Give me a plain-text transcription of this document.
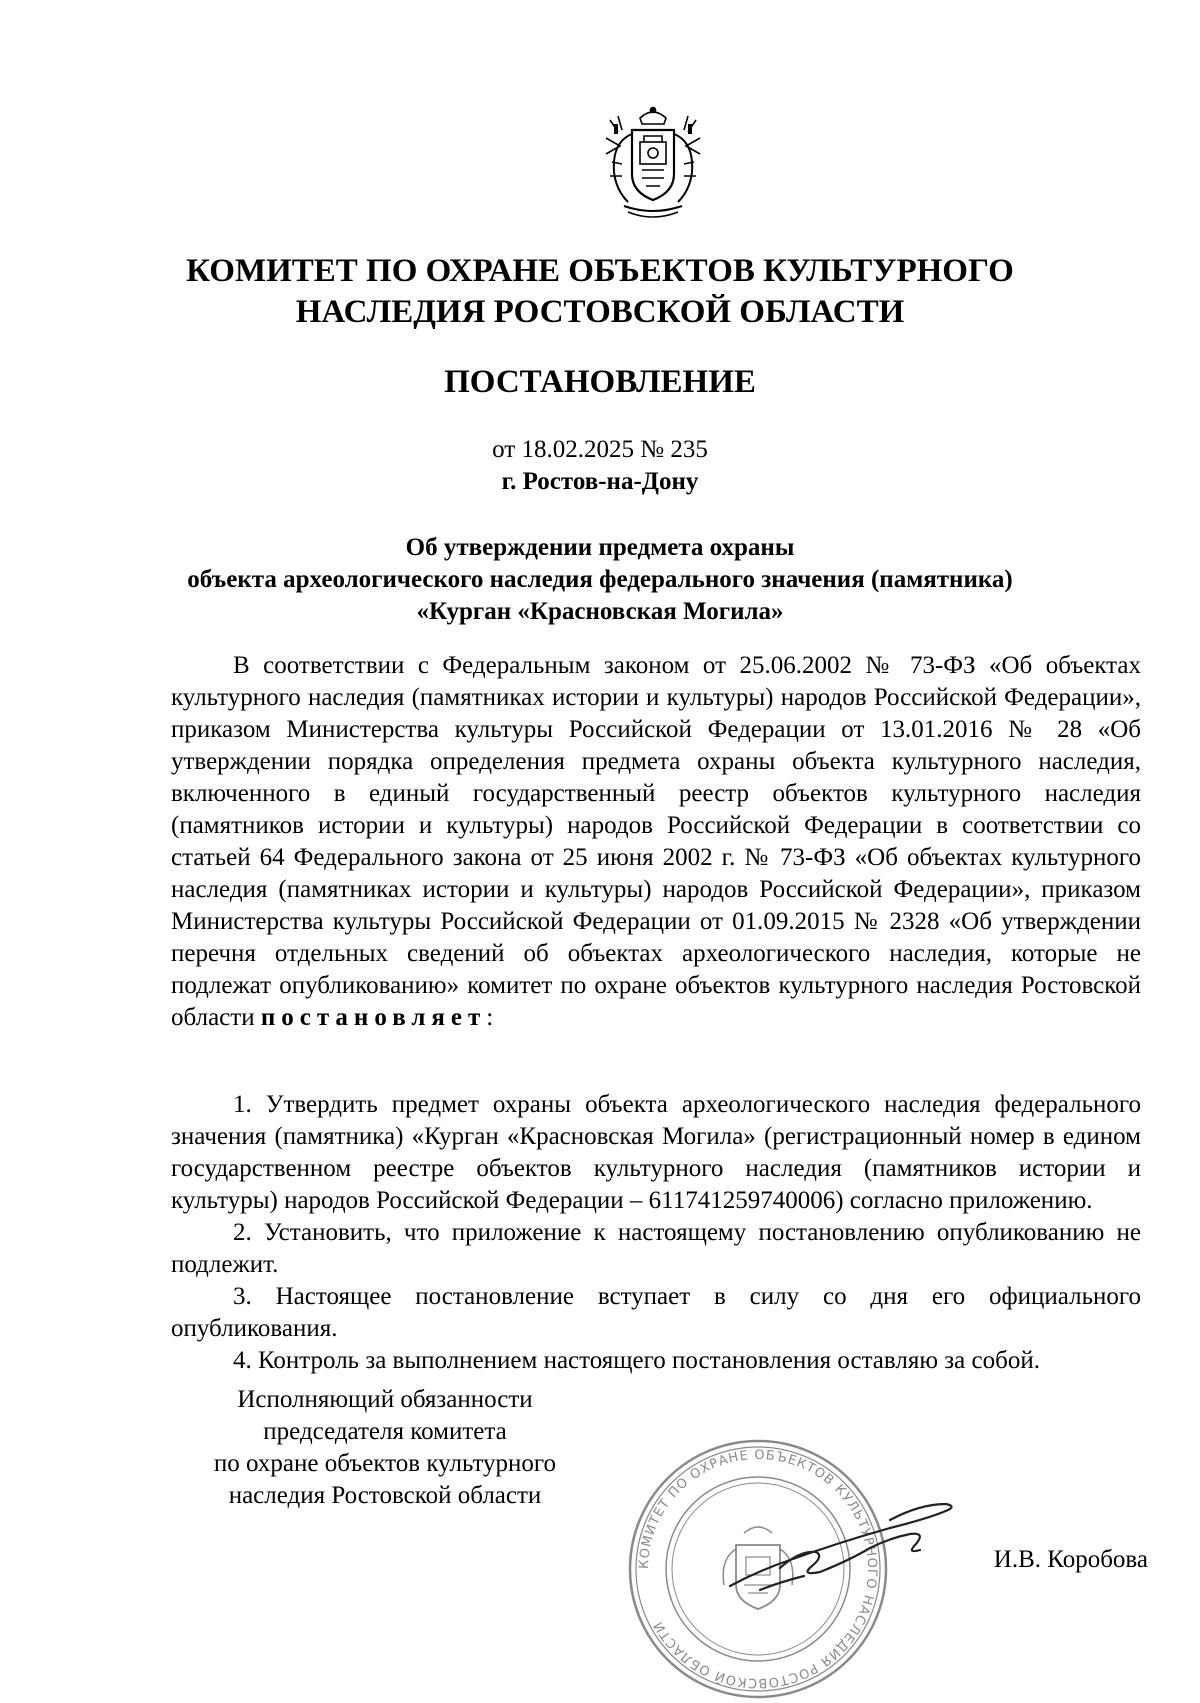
КОМИТЕТ ПО ОХРАНЕ ОБЪЕКТОВ КУЛЬТУРНОГО
НАСЛЕДИЯ РОСТОВСКОЙ ОБЛАСТИ
ПОСТАНОВЛЕНИЕ
от 18.02.2025 № 235
г. Ростов-на-Дону
Об утверждении предмета охраны
объекта археологического наследия федерального значения (памятника)
«Курган «Красновская Могила»

В соответствии с Федеральным законом от 25.06.2002 № 73-ФЗ «Об объектах культурного наследия (памятниках истории и культуры) народов Российской Федерации», приказом Министерства культуры Российской Федерации от 13.01.2016 № 28 «Об утверждении порядка определения предмета охраны объекта культурного наследия, включенного в единый государственный реестр объектов культурного наследия (памятников истории и культуры) народов Российской Федерации в соответствии со статьей 64 Федерального закона от 25 июня 2002 г. № 73-ФЗ «Об объектах культурного наследия (памятниках истории и культуры) народов Российской Федерации», приказом Министерства культуры Российской Федерации от 01.09.2015 № 2328 «Об утверждении перечня отдельных сведений об объектах археологического наследия, которые не подлежат опубликованию» комитет по охране объектов культурного наследия Ростовской области постановляет:

1. Утвердить предмет охраны объекта археологического наследия федерального значения (памятника) «Курган «Красновская Могила» (регистрационный номер в едином государственном реестре объектов культурного наследия (памятников истории и культуры) народов Российской Федерации – 611741259740006) согласно приложению.

2. Установить, что приложение к настоящему постановлению опубликованию не подлежит.

3. Настоящее постановление вступает в силу со дня его официального опубликования.

4. Контроль за выполнением настоящего постановления оставляю за собой.

Исполняющий обязанности
председателя комитета
по охране объектов культурного
наследия Ростовской области
КОМИТЕТ ПО ОХРАНЕ ОБЪЕКТОВ КУЛЬТУРНОГО НАСЛЕДИЯ РОСТОВСКОЙ ОБЛАСТИ
И.В. Коробова
